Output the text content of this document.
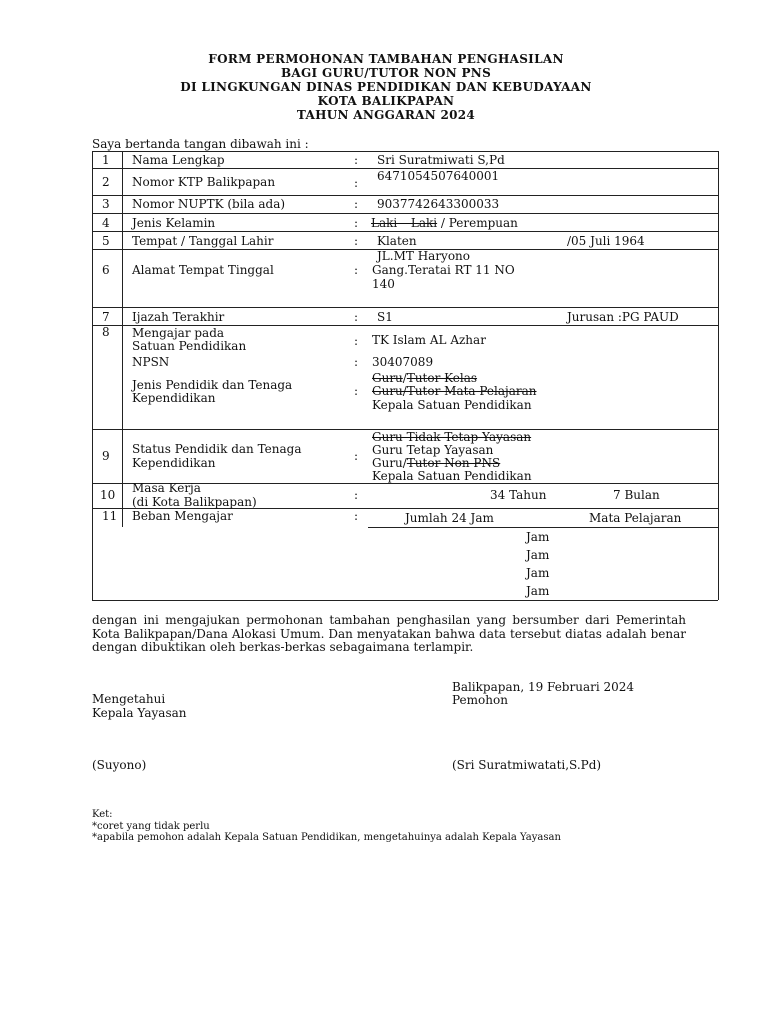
FORM PERMOHONAN TAMBAHAN PENGHASILAN
BAGI GURU/TUTOR NON PNS
DI LINGKUNGAN DINAS PENDIDIKAN DAN KEBUDAYAAN
KOTA BALIKPAPAN
TAHUN ANGGARAN 2024
Saya bertanda tangan dibawah ini :
1 Nama Lengkap	: Sri Suratmiwati S,Pd
2 Nomor KTP Balikpapan	: 6471054507640001
3 Nomor NUPTK (bila ada)	: 9037742643300033
4 Jenis Kelamin	: Laki – Laki / Perempuan
5 Tempat / Tanggal Lahir	: Klaten	/05 Juli 1964
6 Alamat Tempat Tinggal	:
JL.MT Haryono
Gang.Teratai RT 11 NO
140
7 Ijazah Terakhir	: S1	Jurusan :PG PAUD
8 Mengajar pada
Satuan Pendidikan	: TK Islam AL Azhar
NPSN	: 30407089
Jenis Pendidik dan Tenaga
Kependidikan	:
Guru/Tutor Kelas
Guru/Tutor Mata Pelajaran
Kepala Satuan Pendidikan
9 Status Pendidik dan Tenaga
Kependidikan	:
Guru Tidak Tetap Yayasan
Guru Tetap Yayasan
Guru/Tutor Non PNS
Kepala Satuan Pendidikan
10 Masa Kerja
(di Kota Balikpapan)	:	34 Tahun	7 Bulan
11 Beban Mengajar	:	Jumlah 24 Jam	Mata Pelajaran
Jam
Jam
Jam
Jam
dengan ini mengajukan permohonan tambahan penghasilan yang bersumber dari Pemerintah Kota Balikpapan/Dana Alokasi Umum. Dan menyatakan bahwa data tersebut diatas adalah benar dengan dibuktikan oleh berkas-berkas sebagaimana terlampir.
Balikpapan, 19 Februari 2024
Pemohon
Mengetahui
Kepala Yayasan
(Suyono)	(Sri Suratmiwatati,S.Pd)
Ket:
*coret yang tidak perlu
*apabila pemohon adalah Kepala Satuan Pendidikan, mengetahuinya adalah Kepala Yayasan
